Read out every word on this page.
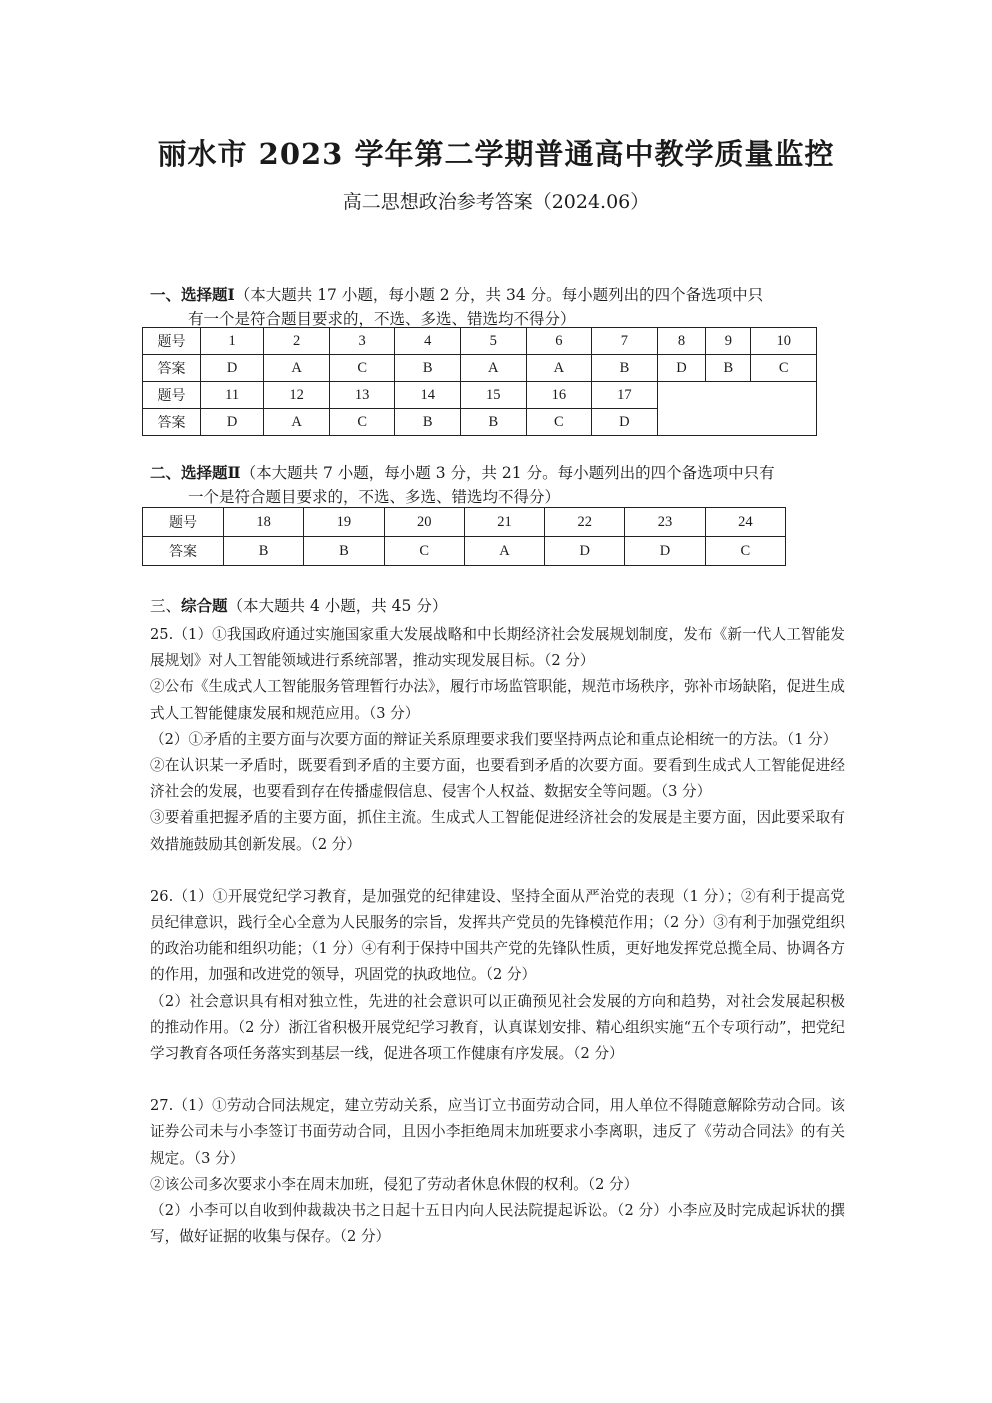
丽水市 2023 学年第二学期普通高中教学质量监控
高二思想政治参考答案（2024.06）
一、选择题Ⅰ（本大题共 17 小题，每小题 2 分，共 34 分。每小题列出的四个备选项中只
有一个是符合题目要求的，不选、多选、错选均不得分）
题号	1	2	3	4	5	6	7	8	9	10
答案	D	A	C	B	A	A	B	D	B	C
题号	11	12	13	14	15	16	17			
答案	D	A	C	B	B	C	D			
二、选择题Ⅱ（本大题共 7 小题，每小题 3 分，共 21 分。每小题列出的四个备选项中只有
一个是符合题目要求的，不选、多选、错选均不得分）
题号	18	19	20	21	22	23	24
答案	B	B	C	A	D	D	C
三、综合题（本大题共 4 小题，共 45 分）

25.（1）①我国政府通过实施国家重大发展战略和中长期经济社会发展规划制度，发布《新一代人工智能发展规划》对人工智能领域进行系统部署，推动实现发展目标。（2 分）

②公布《生成式人工智能服务管理暂行办法》，履行市场监管职能，规范市场秩序，弥补市场缺陷，促进生成式人工智能健康发展和规范应用。（3 分）

（2）①矛盾的主要方面与次要方面的辩证关系原理要求我们要坚持两点论和重点论相统一的方法。（1 分）

②在认识某一矛盾时，既要看到矛盾的主要方面，也要看到矛盾的次要方面。要看到生成式人工智能促进经济社会的发展，也要看到存在传播虚假信息、侵害个人权益、数据安全等问题。（3 分）

③要着重把握矛盾的主要方面，抓住主流。生成式人工智能促进经济社会的发展是主要方面，因此要采取有效措施鼓励其创新发展。（2 分）

26.（1）①开展党纪学习教育，是加强党的纪律建设、坚持全面从严治党的表现（1 分）；②有利于提高党员纪律意识，践行全心全意为人民服务的宗旨，发挥共产党员的先锋模范作用；（2 分）③有利于加强党组织的政治功能和组织功能；（1 分）④有利于保持中国共产党的先锋队性质，更好地发挥党总揽全局、协调各方的作用，加强和改进党的领导，巩固党的执政地位。（2 分）

（2）社会意识具有相对独立性，先进的社会意识可以正确预见社会发展的方向和趋势，对社会发展起积极的推动作用。（2 分）浙江省积极开展党纪学习教育，认真谋划安排、精心组织实施“五个专项行动”，把党纪学习教育各项任务落实到基层一线，促进各项工作健康有序发展。（2 分）

27.（1）①劳动合同法规定，建立劳动关系，应当订立书面劳动合同，用人单位不得随意解除劳动合同。该证券公司未与小李签订书面劳动合同，且因小李拒绝周末加班要求小李离职，违反了《劳动合同法》的有关规定。（3 分）

②该公司多次要求小李在周末加班，侵犯了劳动者休息休假的权利。（2 分）

（2）小李可以自收到仲裁裁决书之日起十五日内向人民法院提起诉讼。（2 分）小李应及时完成起诉状的撰写，做好证据的收集与保存。（2 分）
